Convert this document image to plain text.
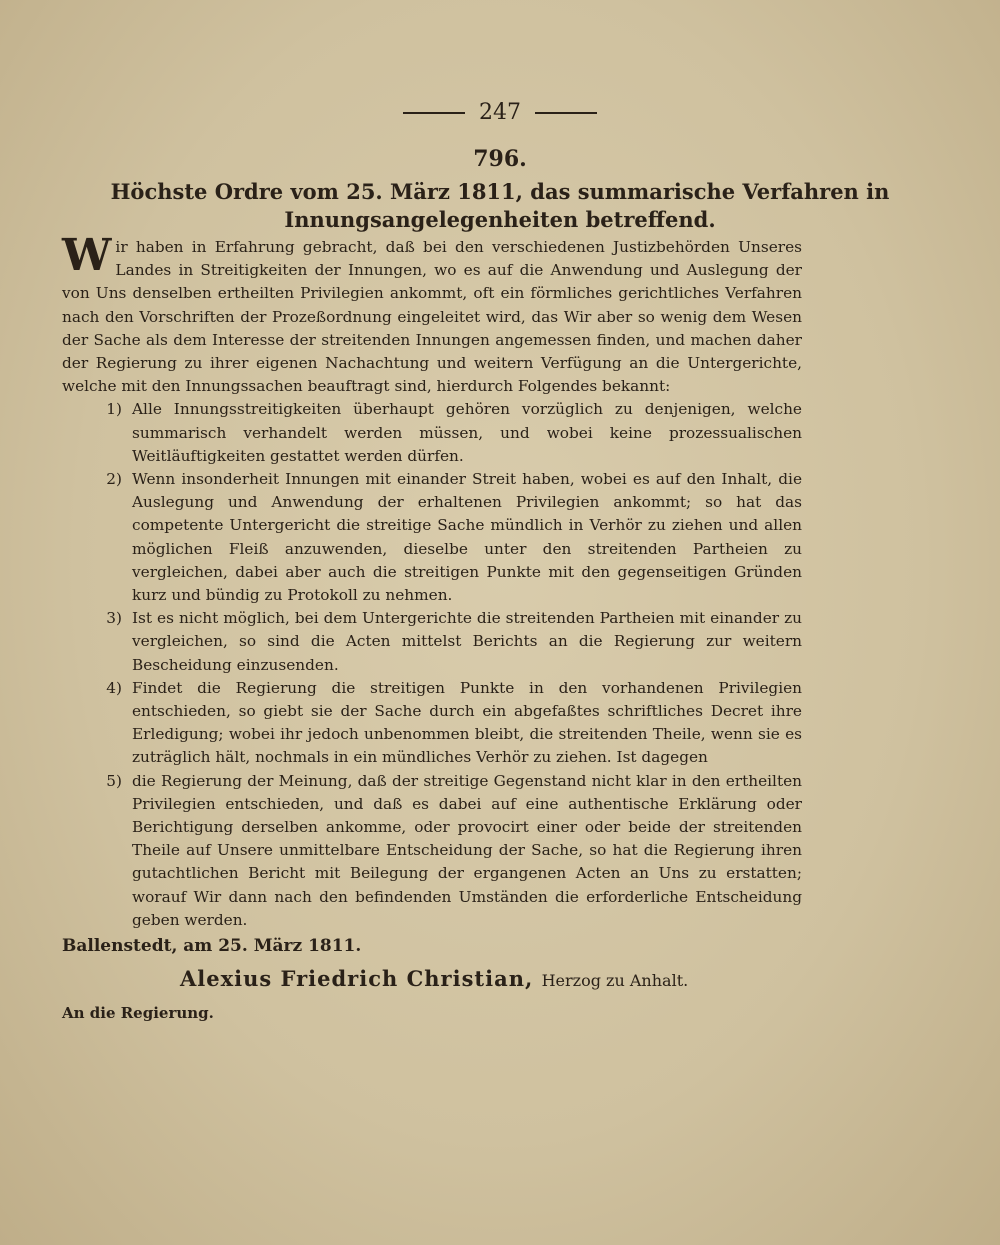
247
796.
Höchste Ordre vom 25. März 1811, das summarische Verfahren in
Innungsangelegenheiten betreffend.
Wir haben in Erfahrung gebracht, daß bei den verschiedenen Justizbehörden Unseres Landes in Streitigkeiten der Innungen, wo es auf die Anwendung und Auslegung der von Uns denselben ertheilten Privilegien ankommt, oft ein förmliches gerichtliches Verfahren nach den Vorschriften der Prozeßordnung eingeleitet wird, das Wir aber so wenig dem Wesen der Sache als dem Interesse der streitenden Innungen angemessen finden, und machen daher der Regierung zu ihrer eigenen Nachachtung und weitern Verfügung an die Untergerichte, welche mit den Innungssachen beauftragt sind, hierdurch Folgendes bekannt:
1) Alle Innungsstreitigkeiten überhaupt gehören vorzüglich zu denjenigen, welche summarisch verhandelt werden müssen, und wobei keine prozessualischen Weitläuftigkeiten gestattet werden dürfen.
2) Wenn insonderheit Innungen mit einander Streit haben, wobei es auf den Inhalt, die Auslegung und Anwendung der erhaltenen Privilegien ankommt; so hat das competente Untergericht die streitige Sache mündlich in Verhör zu ziehen und allen möglichen Fleiß anzuwenden, dieselbe unter den streitenden Partheien zu vergleichen, dabei aber auch die streitigen Punkte mit den gegenseitigen Gründen kurz und bündig zu Protokoll zu nehmen.
3) Ist es nicht möglich, bei dem Untergerichte die streitenden Partheien mit einander zu vergleichen, so sind die Acten mittelst Berichts an die Regierung zur weitern Bescheidung einzusenden.
4) Findet die Regierung die streitigen Punkte in den vorhandenen Privilegien entschieden, so giebt sie der Sache durch ein abgefaßtes schriftliches Decret ihre Erledigung; wobei ihr jedoch unbenommen bleibt, die streitenden Theile, wenn sie es zuträglich hält, nochmals in ein mündliches Verhör zu ziehen. Ist dagegen
5) die Regierung der Meinung, daß der streitige Gegenstand nicht klar in den ertheilten Privilegien entschieden, und daß es dabei auf eine authentische Erklärung oder Berichtigung derselben ankomme, oder provocirt einer oder beide der streitenden Theile auf Unsere unmittelbare Entscheidung der Sache, so hat die Regierung ihren gutachtlichen Bericht mit Beilegung der ergangenen Acten an Uns zu erstatten; worauf Wir dann nach den befindenden Umständen die erforderliche Entscheidung geben werden.
Ballenstedt, am 25. März 1811.
Alexius Friedrich Christian, Herzog zu Anhalt.
An die Regierung.
